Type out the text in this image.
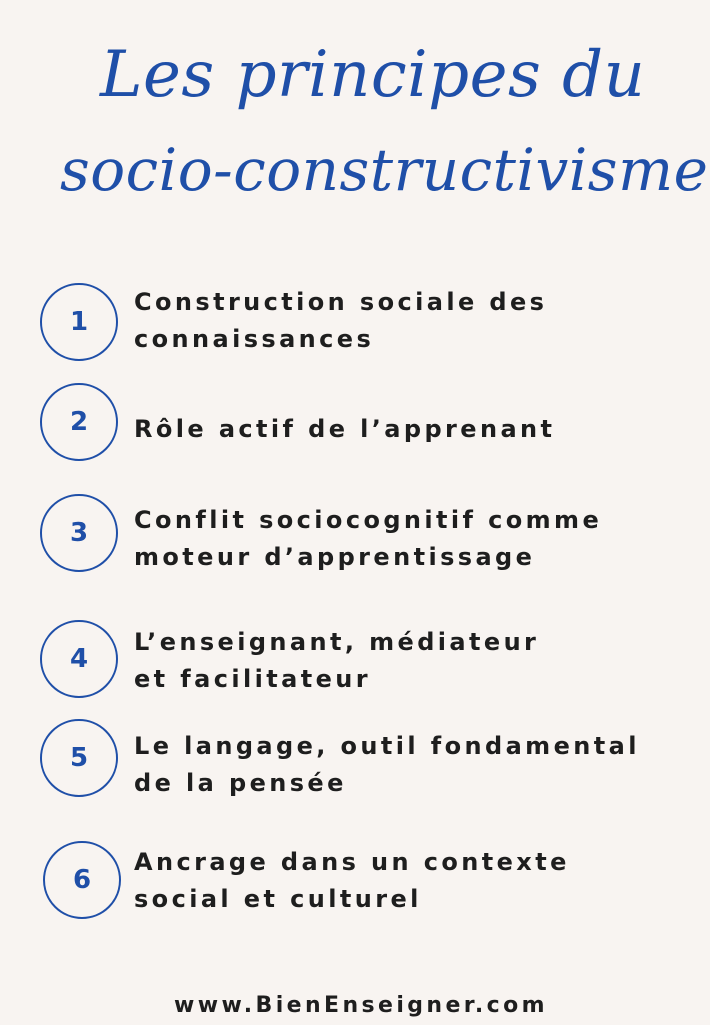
Les principes du
socio-constructivisme
1
Construction sociale des
connaissances
2	Rôle actif de l’apprenant
3	Conflit sociocognitif comme
moteur d’apprentissage
4
L’enseignant, médiateur
et facilitateur
5	Le langage, outil fondamental
de la pensée
6
Ancrage dans un contexte
social et culturel
www.BienEnseigner.com
